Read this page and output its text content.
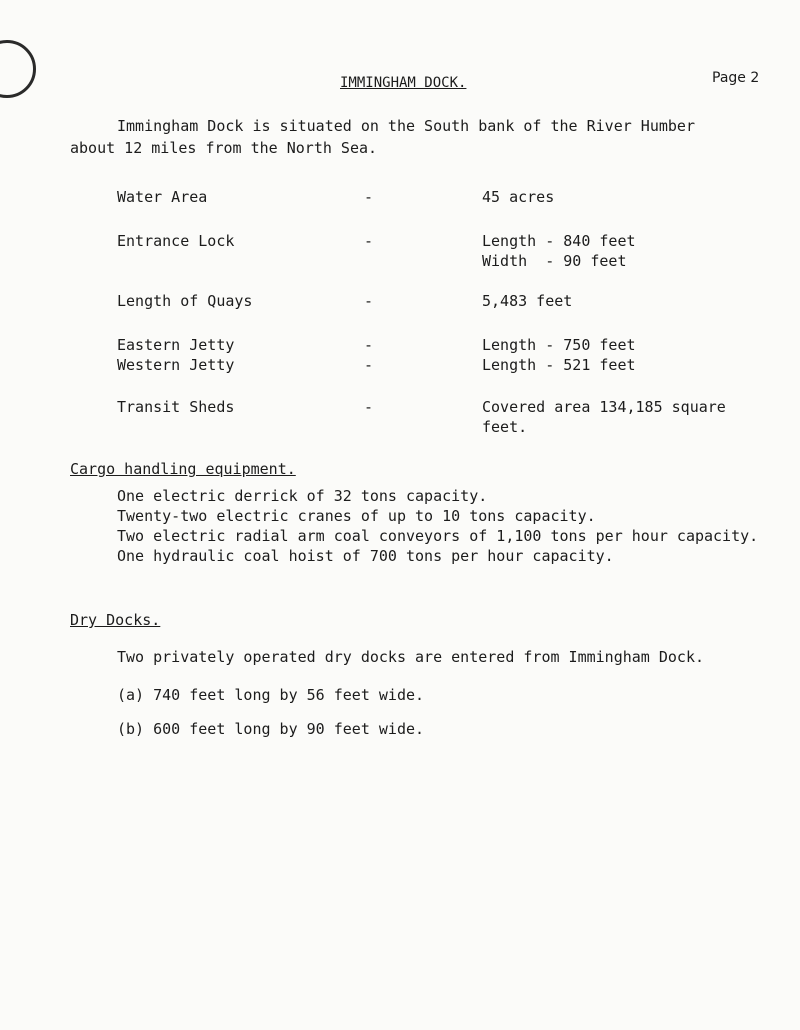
IMMINGHAM DOCK.	Page 2
Immingham Dock is situated on the South bank of the River Humber
about 12 miles from the North Sea.
Water Area	-	45 acres
Entrance Lock	-	Length - 840 feet
Width  - 90 feet
Length of Quays	-	5,483 feet
Eastern Jetty	-	Length - 750 feet
Western Jetty	-	Length - 521 feet
Transit Sheds	-	Covered area 134,185 square
feet.
Cargo handling equipment.
One electric derrick of 32 tons capacity.
Twenty-two electric cranes of up to 10 tons capacity.
Two electric radial arm coal conveyors of 1,100 tons per hour capacity.
One hydraulic coal hoist of 700 tons per hour capacity.
Dry Docks.
Two privately operated dry docks are entered from Immingham Dock.
(a) 740 feet long by 56 feet wide.
(b) 600 feet long by 90 feet wide.
